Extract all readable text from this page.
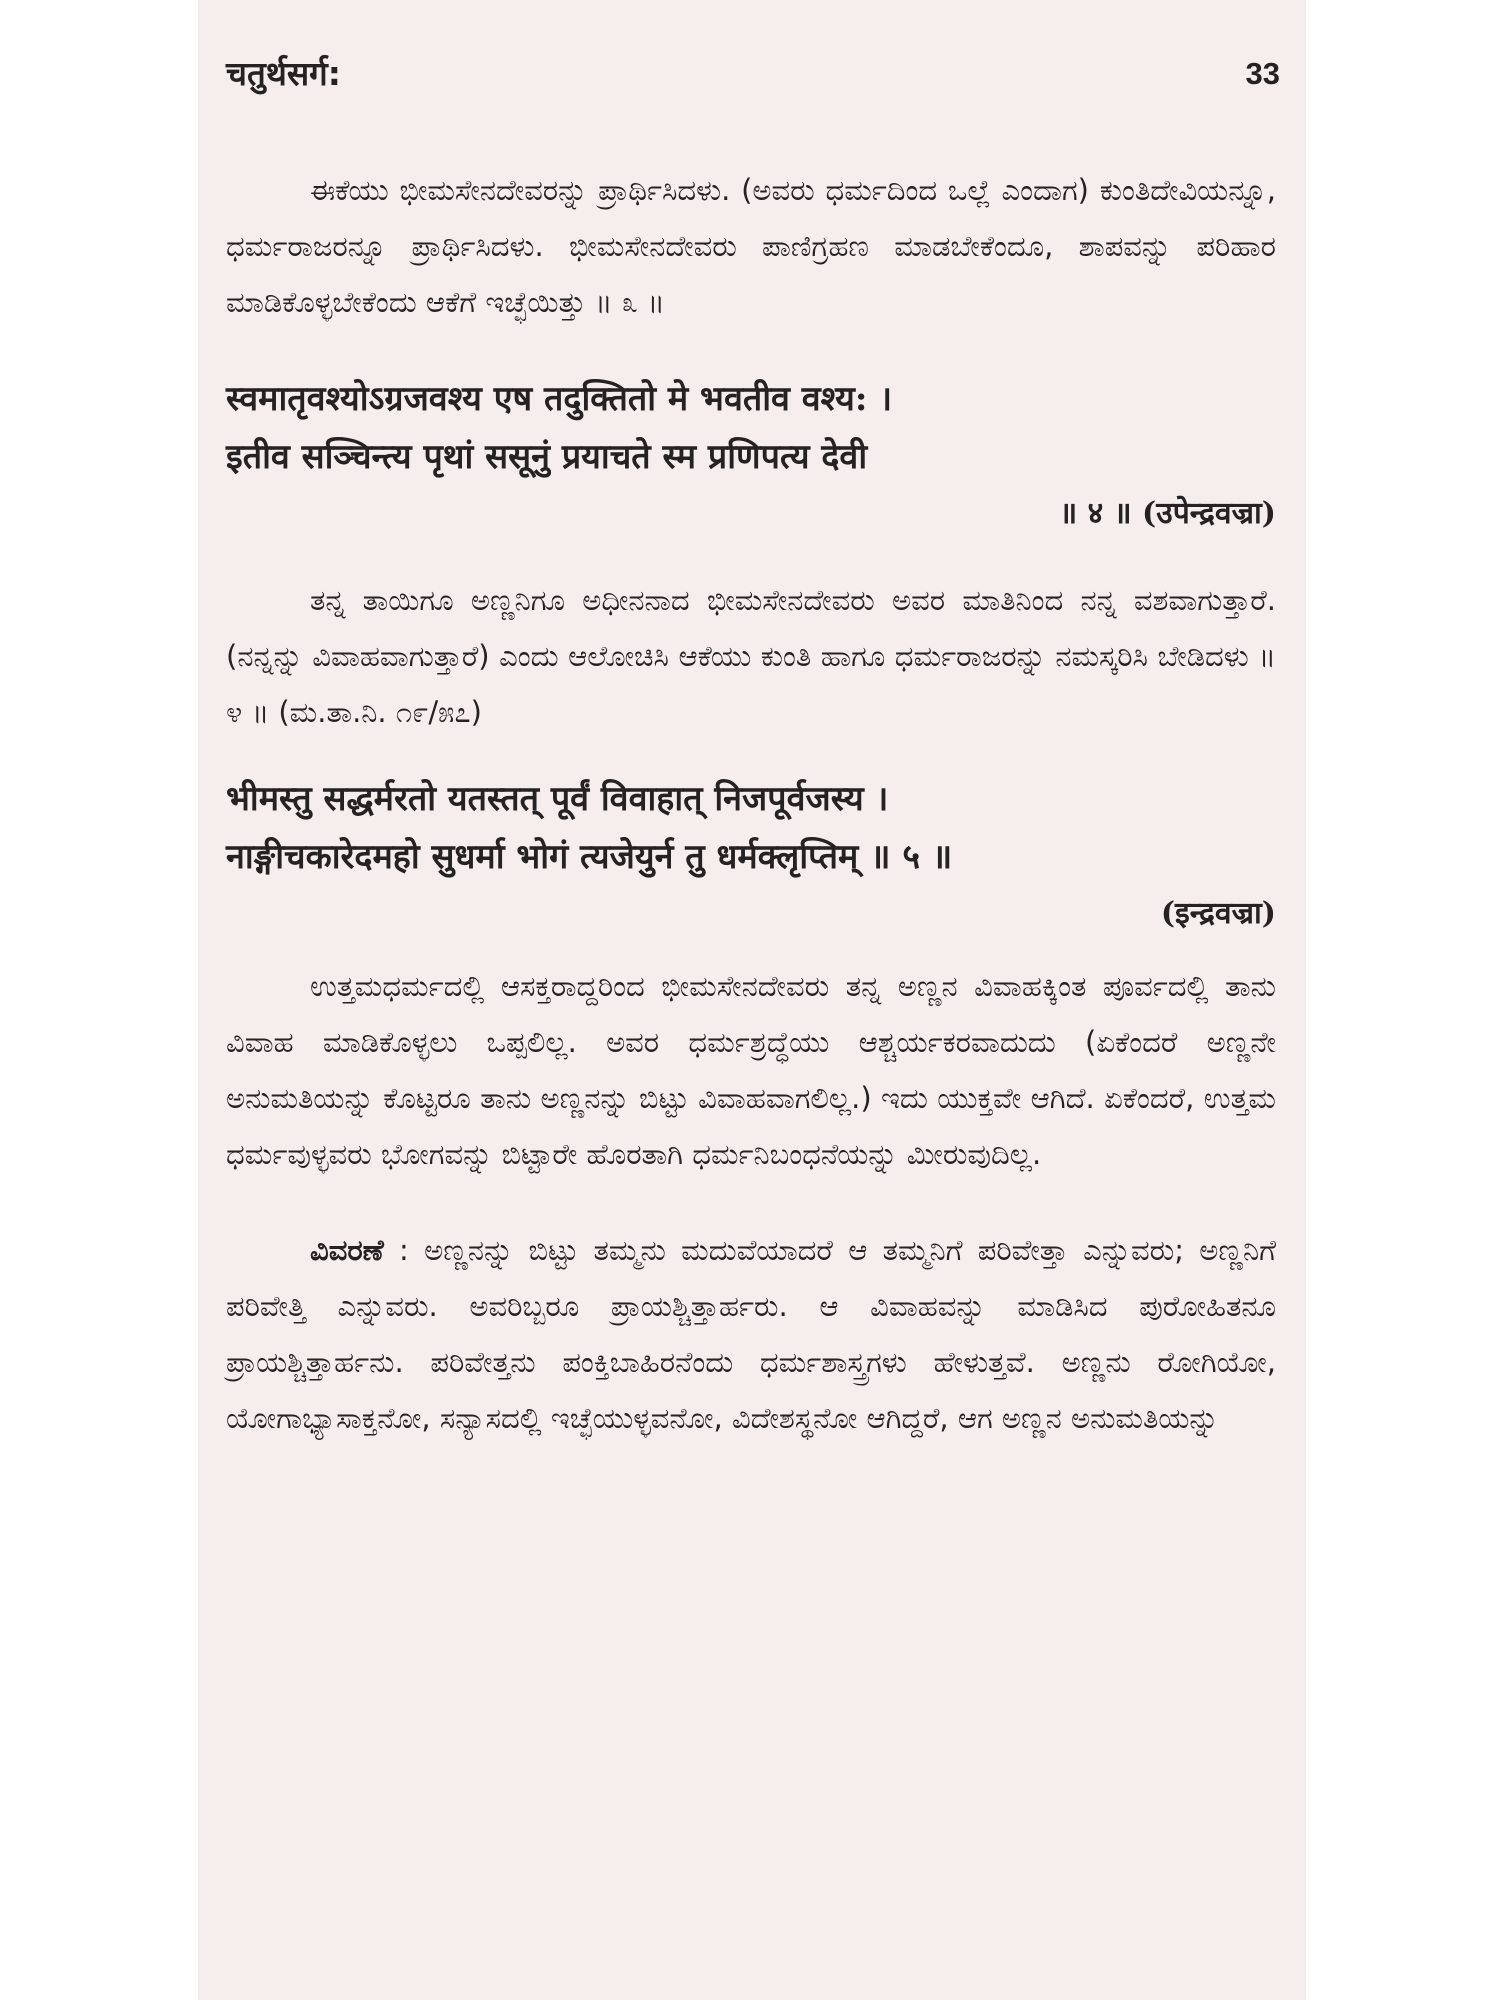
चतुर्थसर्ग:	33

ಈಕೆಯು ಭೀಮಸೇನದೇವರನ್ನು ಪ್ರಾರ್ಥಿಸಿದಳು. (ಅವರು ಧರ್ಮದಿಂದ ಒಲ್ಲೆ ಎಂದಾಗ) ಕುಂತಿದೇವಿಯನ್ನೂ, ಧರ್ಮರಾಜರನ್ನೂ ಪ್ರಾರ್ಥಿಸಿದಳು. ಭೀಮಸೇನದೇವರು ಪಾಣಿಗ್ರಹಣ ಮಾಡಬೇಕೆಂದೂ, ಶಾಪವನ್ನು ಪರಿಹಾರ ಮಾಡಿಕೊಳ್ಳಬೇಕೆಂದು ಆಕೆಗೆ ಇಚ್ಛೆಯಿತ್ತು ॥ ೩ ॥

स्वमातृवश्योऽग्रजवश्य एष तदुक्तितो मे भवतीव वश्य: ।

इतीव सञ्चिन्त्य पृथां ससूनुं प्रयाचते स्म प्रणिपत्य देवी

॥ ४ ॥ (उपेन्द्रवज्रा)

ತನ್ನ ತಾಯಿಗೂ ಅಣ್ಣನಿಗೂ ಅಧೀನನಾದ ಭೀಮಸೇನದೇವರು ಅವರ ಮಾತಿನಿಂದ ನನ್ನ ವಶವಾಗುತ್ತಾರೆ. (ನನ್ನನ್ನು ವಿವಾಹವಾಗುತ್ತಾರೆ) ಎಂದು ಆಲೋಚಿಸಿ ಆಕೆಯು ಕುಂತಿ ಹಾಗೂ ಧರ್ಮರಾಜರನ್ನು ನಮಸ್ಕರಿಸಿ ಬೇಡಿದಳು ॥ ೪ ॥ (ಮ.ತಾ.ನಿ. ೧೯/೫೭)

भीमस्तु सद्धर्मरतो यतस्तत् पूर्वं विवाहात् निजपूर्वजस्य ।

नाङ्गीचकारेदमहो सुधर्मा भोगं त्यजेयुर्न तु धर्मक्लृप्तिम् ॥ ५ ॥

(इन्द्रवज्रा)

ಉತ್ತಮಧರ್ಮದಲ್ಲಿ ಆಸಕ್ತರಾದ್ದರಿಂದ ಭೀಮಸೇನದೇವರು ತನ್ನ ಅಣ್ಣನ ವಿವಾಹಕ್ಕಿಂತ ಪೂರ್ವದಲ್ಲಿ ತಾನು ವಿವಾಹ ಮಾಡಿಕೊಳ್ಳಲು ಒಪ್ಪಲಿಲ್ಲ. ಅವರ ಧರ್ಮಶ್ರದ್ಧೆಯು ಆಶ್ಚರ್ಯಕರವಾದುದು (ಏಕೆಂದರೆ ಅಣ್ಣನೇ ಅನುಮತಿಯನ್ನು ಕೊಟ್ಟರೂ ತಾನು ಅಣ್ಣನನ್ನು ಬಿಟ್ಟು ವಿವಾಹವಾಗಲಿಲ್ಲ.) ಇದು ಯುಕ್ತವೇ ಆಗಿದೆ. ಏಕೆಂದರೆ, ಉತ್ತಮ ಧರ್ಮವುಳ್ಳವರು ಭೋಗವನ್ನು ಬಿಟ್ಟಾರೇ ಹೊರತಾಗಿ ಧರ್ಮನಿಬಂಧನೆಯನ್ನು ಮೀರುವುದಿಲ್ಲ.

ವಿವರಣೆ : ಅಣ್ಣನನ್ನು ಬಿಟ್ಟು ತಮ್ಮನು ಮದುವೆಯಾದರೆ ಆ ತಮ್ಮನಿಗೆ ಪರಿವೇತ್ತಾ ಎನ್ನುವರು; ಅಣ್ಣನಿಗೆ ಪರಿವೇತ್ತಿ ಎನ್ನುವರು. ಅವರಿಬ್ಬರೂ ಪ್ರಾಯಶ್ಚಿತ್ತಾರ್ಹರು. ಆ ವಿವಾಹವನ್ನು ಮಾಡಿಸಿದ ಪುರೋಹಿತನೂ ಪ್ರಾಯಶ್ಚಿತ್ತಾರ್ಹನು. ಪರಿವೇತ್ತನು ಪಂಕ್ತಿಬಾಹಿರನೆಂದು ಧರ್ಮಶಾಸ್ತ್ರಗಳು ಹೇಳುತ್ತವೆ. ಅಣ್ಣನು ರೋಗಿಯೋ, ಯೋಗಾಭ್ಯಾಸಾಕ್ತನೋ, ಸನ್ಯಾಸದಲ್ಲಿ ಇಚ್ಛೆಯುಳ್ಳವನೋ, ವಿದೇಶಸ್ಥನೋ ಆಗಿದ್ದರೆ, ಆಗ ಅಣ್ಣನ ಅನುಮತಿಯನ್ನು
